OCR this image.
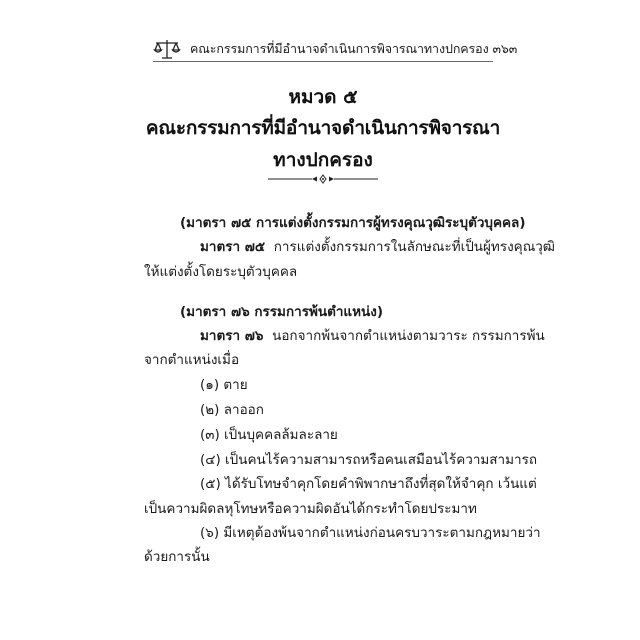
คณะกรรมการที่มีอำนาจดำเนินการพิจารณาทางปกครอง ๓๖๓
หมวด ๕
คณะกรรมการที่มีอำนาจดำเนินการพิจารณา
ทางปกครอง
(มาตรา ๗๕ การแต่งตั้งกรรมการผู้ทรงคุณวุฒิระบุตัวบุคคล)
มาตรา ๗๕ การแต่งตั้งกรรมการในลักษณะที่เป็นผู้ทรงคุณวุฒิ
ให้แต่งตั้งโดยระบุตัวบุคคล
(มาตรา ๗๖ กรรมการพ้นตำแหน่ง)
มาตรา ๗๖ นอกจากพ้นจากตำแหน่งตามวาระ กรรมการพ้น
จากตำแหน่งเมื่อ
(๑) ตาย
(๒) ลาออก
(๓) เป็นบุคคลล้มละลาย
(๔) เป็นคนไร้ความสามารถหรือคนเสมือนไร้ความสามารถ
(๕) ได้รับโทษจำคุกโดยคำพิพากษาถึงที่สุดให้จำคุก เว้นแต่
เป็นความผิดลหุโทษหรือความผิดอันได้กระทำโดยประมาท
(๖) มีเหตุต้องพ้นจากตำแหน่งก่อนครบวาระตามกฎหมายว่า
ด้วยการนั้น
